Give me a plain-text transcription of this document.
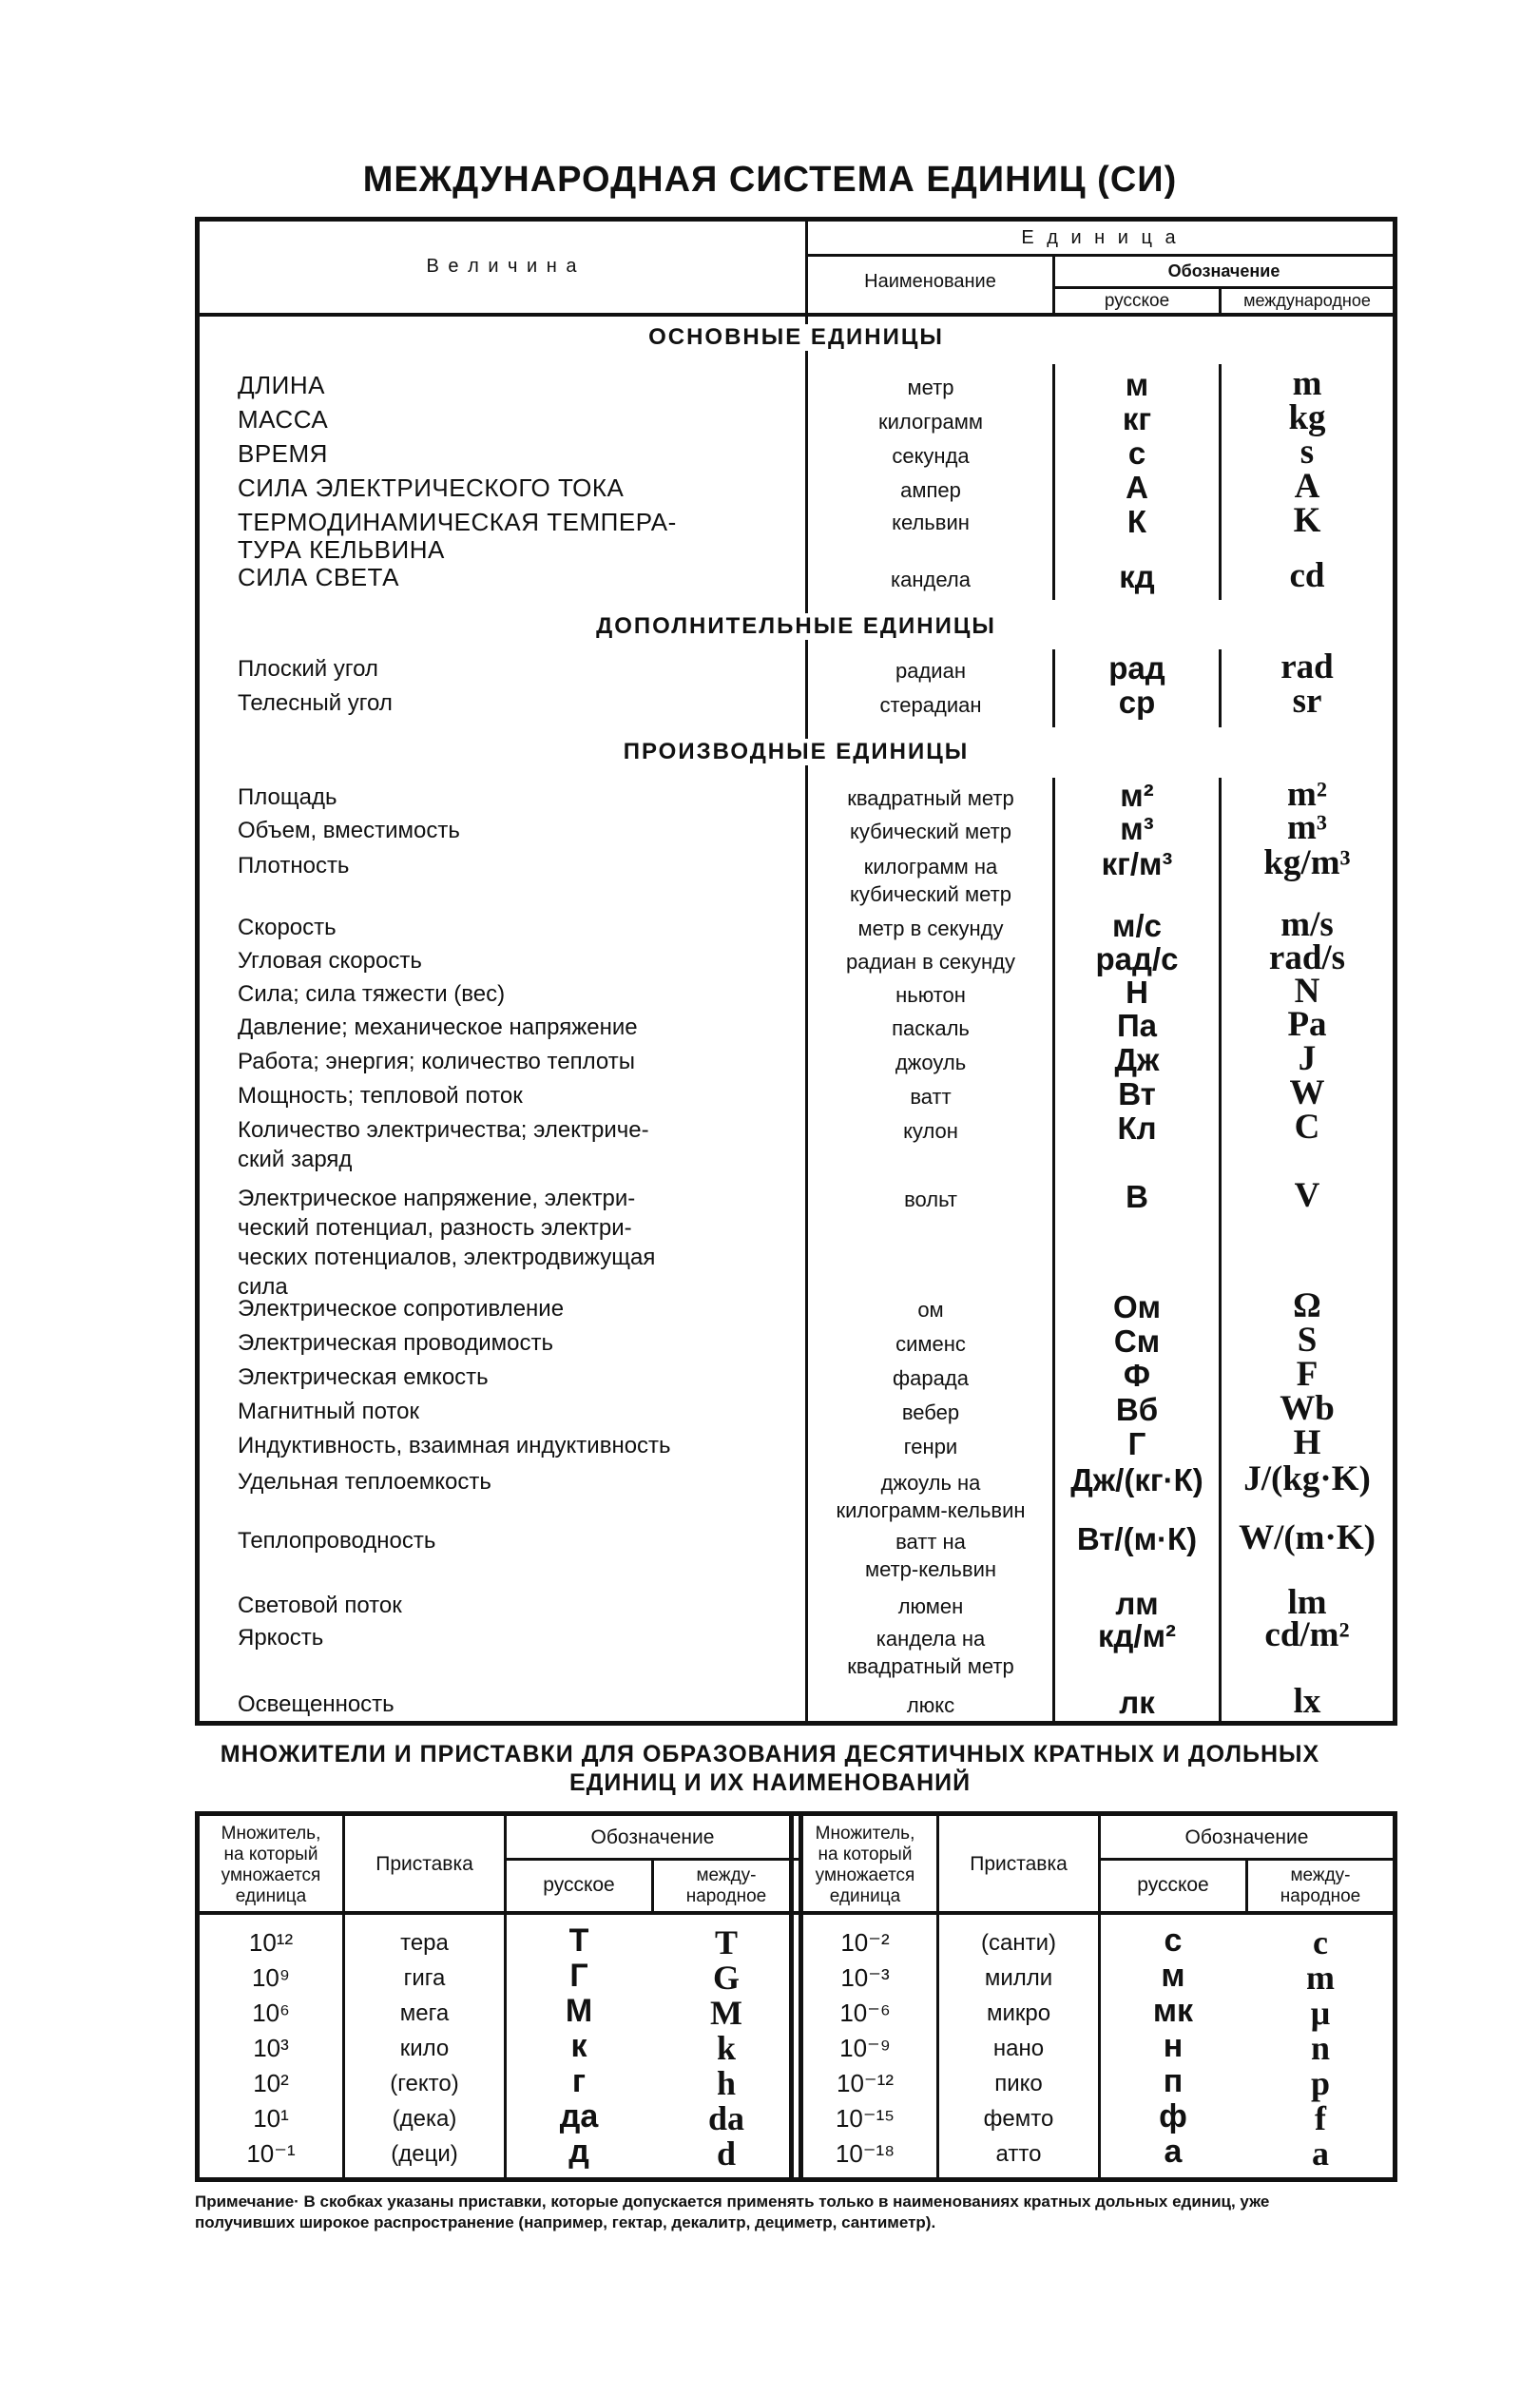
МЕЖДУНАРОДНАЯ СИСТЕМА ЕДИНИЦ (СИ)
В е л и ч и н а
Е д и н и ц а
Наименование	Обозначение
русское	международное
ОСНОВНЫЕ ЕДИНИЦЫ
ДЛИНА	метр	м	m
МАССА	килограмм	кг	kg
ВРЕМЯ	секунда	с	s
СИЛА ЭЛЕКТРИЧЕСКОГО ТОКА	ампер	А	A
ТЕРМОДИНАМИЧЕСКАЯ ТЕМПЕРА-
ТУРА КЕЛЬВИНА
кельвин	К	K
СИЛА СВЕТА	кандела	кд	cd
ДОПОЛНИТЕЛЬНЫЕ ЕДИНИЦЫ
Плоский угол	радиан	рад	rad
Телесный угол	стерадиан	ср	sr
ПРОИЗВОДНЫЕ ЕДИНИЦЫ
Площадь	квадратный метр	м²	m²
Объем, вместимость	кубический метр	м³	m³
Плотность	килограмм на
кубический метр
кг/м³	kg/m³
Скорость	метр в секунду	м/с	m/s
Угловая скорость	радиан в секунду	рад/с	rad/s
Сила; сила тяжести (вес)	ньютон	Н	N
Давление; механическое напряжение	паскаль	Па	Pa
Работа; энергия; количество теплоты	джоуль	Дж	J
Мощность; тепловой поток	ватт	Вт	W
Количество электричества; электриче-
ский заряд
кулон	Кл	C
Электрическое напряжение, электри-
ческий потенциал, разность электри-
ческих потенциалов, электродвижущая
сила
вольт	В	V
Электрическое сопротивление	ом	Ом	Ω
Электрическая проводимость	сименс	См	S
Электрическая емкость	фарада	Ф	F
Магнитный поток	вебер	Вб	Wb
Индуктивность, взаимная индуктивность	генри	Г	H
Удельная теплоемкость	джоуль на
килограмм-кельвин
Дж/(кг·К)	J/(kg·K)
Теплопроводность	ватт на
метр-кельвин
Вт/(м·К)	W/(m·K)
Световой поток	люмен	лм	lm
Яркость	кандела на
квадратный метр
кд/м²	cd/m²
Освещенность	люкс	лк	lx
МНОЖИТЕЛИ И ПРИСТАВКИ ДЛЯ ОБРАЗОВАНИЯ ДЕСЯТИЧНЫХ КРАТНЫХ И ДОЛЬНЫХ
ЕДИНИЦ И ИХ НАИМЕНОВАНИЙ
Множитель,
на который
умножается
единица
Приставка
Обозначение
русское	между-
народное
10¹²	тера	Т	T
10⁹	гига	Г	G
10⁶	мега	М	M
10³	кило	к	k
10²	(гекто)	г	h
10¹	(дека)	да	da
10⁻¹	(деци)	д	d
Множитель,
на который
умножается
единица
Приставка
Обозначение
русское	между-
народное
10⁻²	(санти)	с	c
10⁻³	милли	м	m
10⁻⁶	микро	мк	μ
10⁻⁹	нано	н	n
10⁻¹²	пико	п	p
10⁻¹⁵	фемто	ф	f
10⁻¹⁸	атто	а	a
Примечание· В скобках указаны приставки, которые допускается применять только в наименованиях кратных дольных единиц, уже получивших широкое распространение (например, гектар, декалитр, дециметр, сантиметр).
